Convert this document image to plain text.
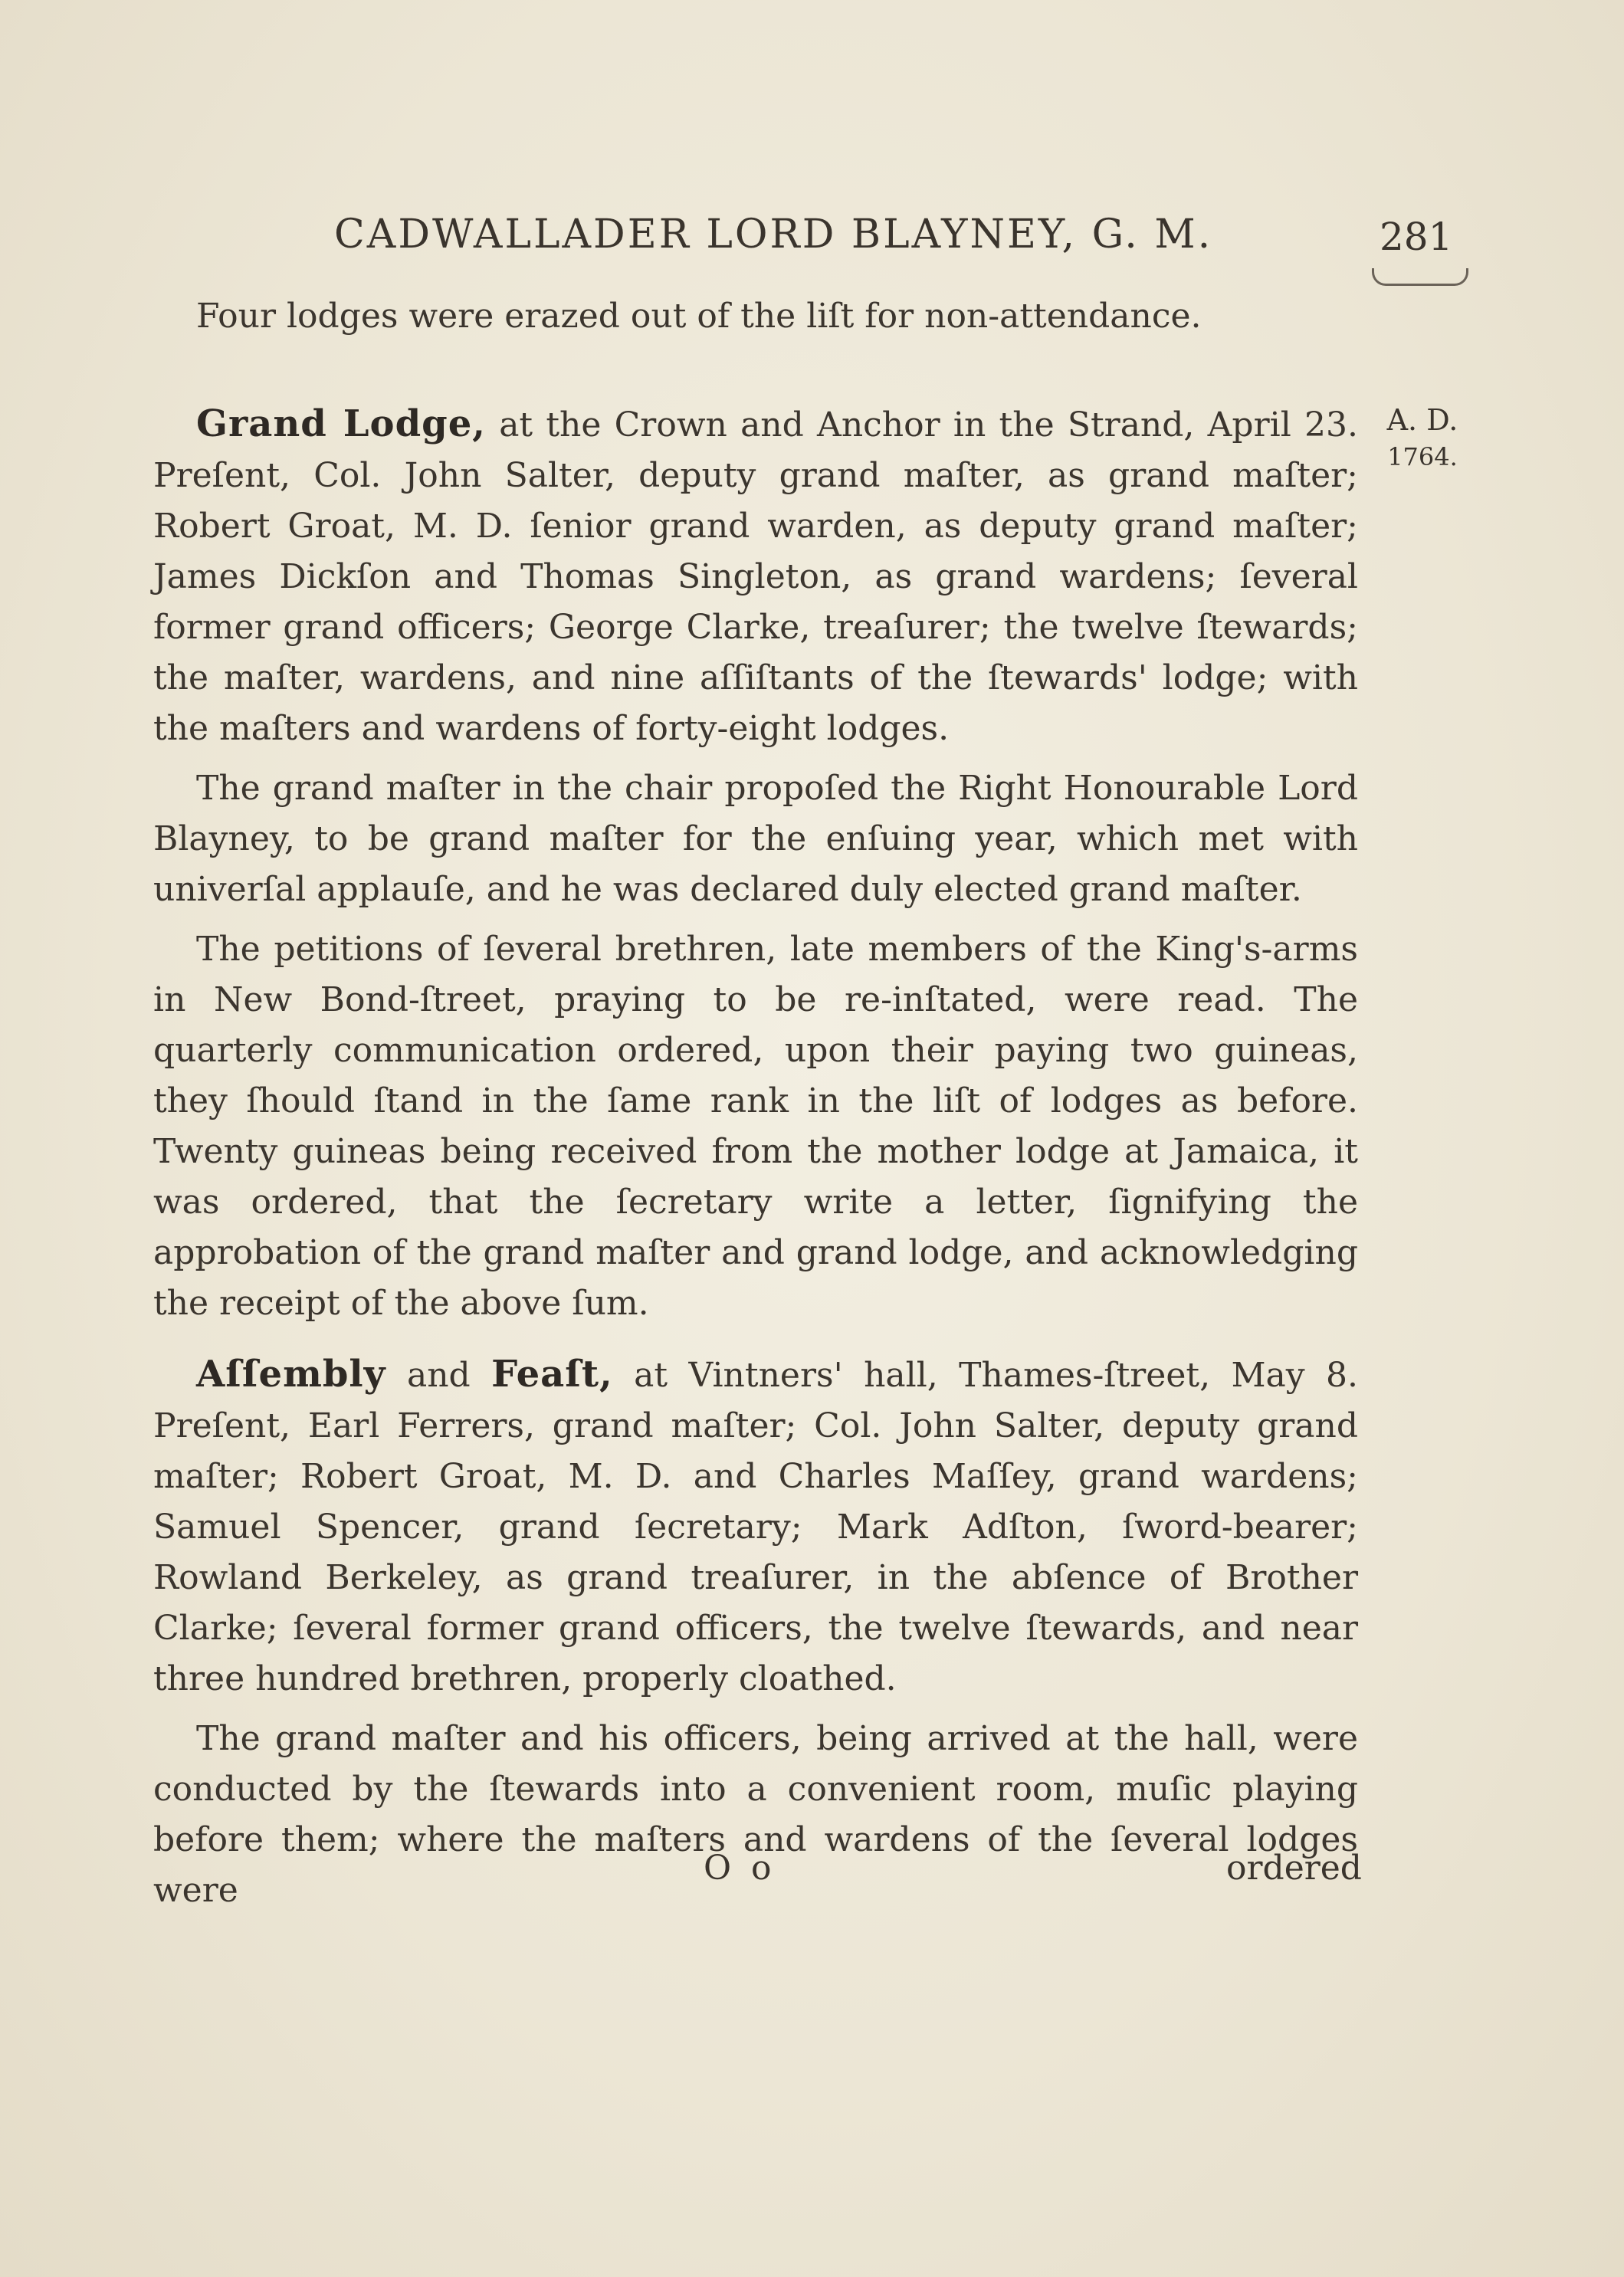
CADWALLADER LORD BLAYNEY, G. M.	281

Four lodges were erazed out of the liſt for non-attendance.

A. D.
1764.

Grand Lodge, at the Crown and Anchor in the Strand, April 23. Preſent, Col. John Salter, deputy grand maſter, as grand maſter; Robert Groat, M. D. ſenior grand warden, as deputy grand maſter; James Dickſon and Thomas Singleton, as grand wardens; ſeveral former grand officers; George Clarke, treaſurer; the twelve ſtewards; the maſter, wardens, and nine aſſiſtants of the ſtewards' lodge; with the maſters and wardens of forty-eight lodges.

The grand maſter in the chair propoſed the Right Honourable Lord Blayney, to be grand maſter for the enſuing year, which met with univerſal applauſe, and he was declared duly elected grand maſter.

The petitions of ſeveral brethren, late members of the King's-arms in New Bond-ſtreet, praying to be re-inſtated, were read. The quarterly communication ordered, upon their paying two guineas, they ſhould ſtand in the ſame rank in the liſt of lodges as before. Twenty guineas being received from the mother lodge at Jamaica, it was ordered, that the ſecretary write a letter, ſignifying the approbation of the grand maſter and grand lodge, and acknowledging the receipt of the above ſum.

Aſſembly and Feaſt, at Vintners' hall, Thames-ſtreet, May 8. Preſent, Earl Ferrers, grand maſter; Col. John Salter, deputy grand maſter; Robert Groat, M. D. and Charles Maſſey, grand wardens; Samuel Spencer, grand ſecretary; Mark Adſton, ſword-bearer; Rowland Berkeley, as grand treaſurer, in the abſence of Brother Clarke; ſeveral former grand officers, the twelve ſtewards, and near three hundred brethren, properly cloathed.

The grand maſter and his officers, being arrived at the hall, were conducted by the ſtewards into a convenient room, muſic playing before them; where the maſters and wardens of the ſeveral lodges were

O o	ordered
